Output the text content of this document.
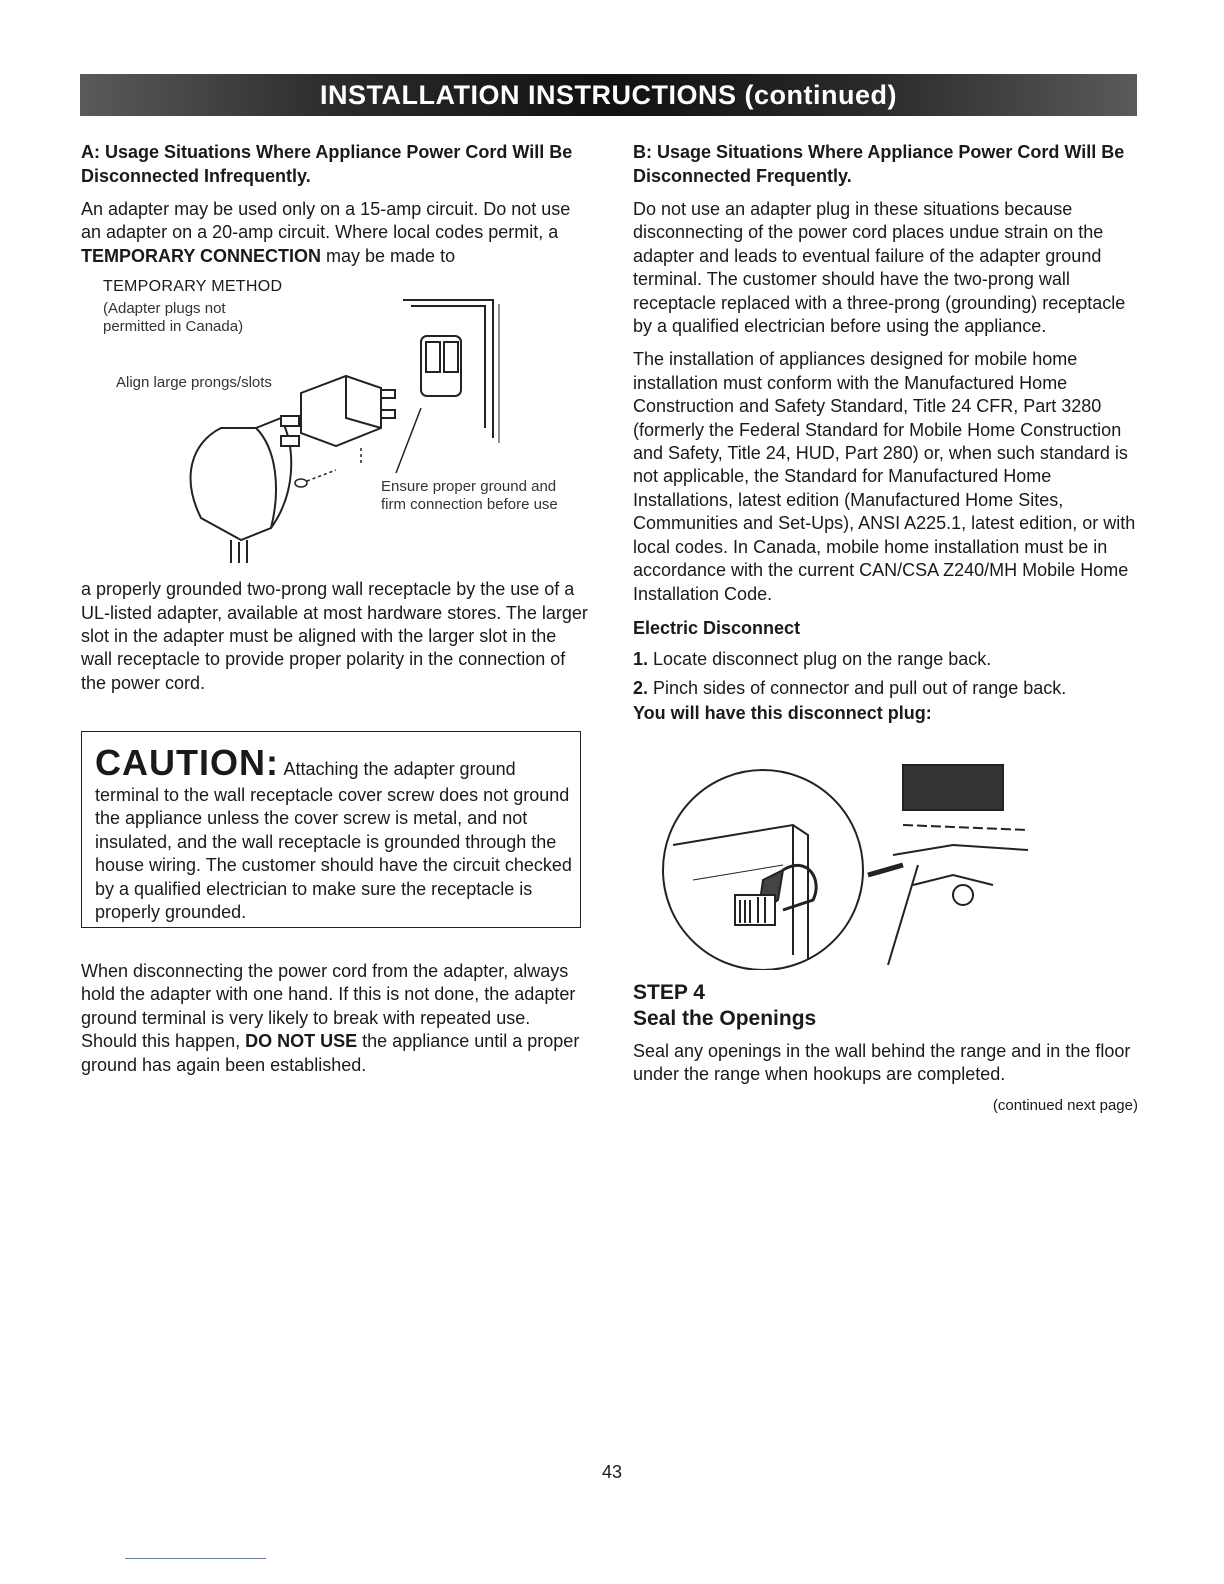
INSTALLATION INSTRUCTIONS (continued)
A: Usage Situations Where Appliance Power Cord Will Be Disconnected Infrequently.

An adapter may be used only on a 15-amp circuit. Do not use an adapter on a 20-amp circuit. Where local codes permit, a TEMPORARY CONNECTION may be made to

TEMPORARY METHOD
(Adapter plugs not permitted in Canada)
Align large prongs/slots
Ensure proper ground and firm connection before use

a properly grounded two-prong wall receptacle by the use of a UL-listed adapter, available at most hardware stores. The larger slot in the adapter must be aligned with the larger slot in the wall receptacle to provide proper polarity in the connection of the power cord.

CAUTION: Attaching the adapter ground
terminal to the wall receptacle cover screw does not ground the appliance unless the cover screw is metal, and not insulated, and the wall receptacle is grounded through the house wiring. The customer should have the circuit checked by a qualified electrician to make sure the receptacle is properly grounded.

When disconnecting the power cord from the adapter, always hold the adapter with one hand. If this is not done, the adapter ground terminal is very likely to break with repeated use. Should this happen, DO NOT USE the appliance until a proper ground has again been established.

B: Usage Situations Where Appliance Power Cord Will Be Disconnected Frequently.

Do not use an adapter plug in these situations because disconnecting of the power cord places undue strain on the adapter and leads to eventual failure of the adapter ground terminal. The customer should have the two-prong wall receptacle replaced with a three-prong (grounding) receptacle by a qualified electrician before using the appliance.

The installation of appliances designed for mobile home installation must conform with the Manufactured Home Construction and Safety Standard, Title 24 CFR, Part 3280 (formerly the Federal Standard for Mobile Home Construction and Safety, Title 24, HUD, Part 280) or, when such standard is not applicable, the Standard for Manufactured Home Installations, latest edition (Manufactured Home Sites, Communities and Set-Ups), ANSI A225.1, latest edition, or with local codes. In Canada, mobile home installation must be in accordance with the current CAN/CSA Z240/MH Mobile Home Installation Code.

Electric Disconnect
1. Locate disconnect plug on the range back.
2. Pinch sides of connector and pull out of range back.
You will have this disconnect plug:
STEP 4
Seal the Openings

Seal any openings in the wall behind the range and in the floor under the range when hookups are completed.

(continued next page)
43
